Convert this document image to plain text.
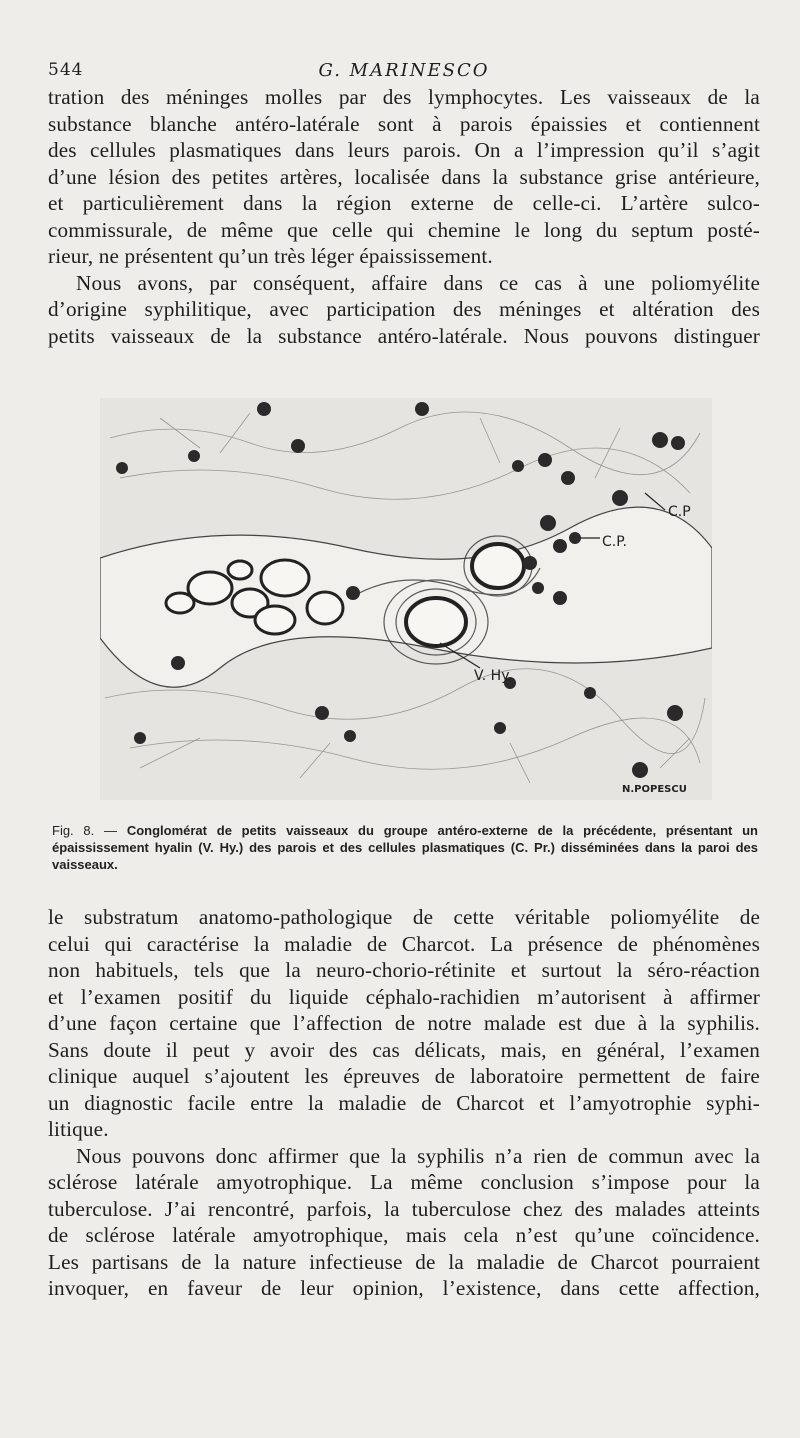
544	G. MARINESCO
tration des méninges molles par des lymphocytes. Les vaisseaux de la
substance blanche antéro-latérale sont à parois épaissies et contiennent
des cellules plasmatiques dans leurs parois. On a l’impression qu’il s’agit
d’une lésion des petites artères, localisée dans la substance grise antérieure,
et particulièrement dans la région externe de celle-ci. L’artère sulco-
commissurale, de même que celle qui chemine le long du septum posté-
rieur, ne présentent qu’un très léger épaississement.
Nous avons, par conséquent, affaire dans ce cas à une poliomyélite
d’origine syphilitique, avec participation des méninges et altération des
petits vaisseaux de la substance antéro-latérale. Nous pouvons distinguer
C.P
C.P.
V. Hy.
N.POPESCU
Fig. 8. — Conglomérat de petits vaisseaux du groupe antéro-externe de la précédente, présentant un épaississement hyalin (V. Hy.) des parois et des cellules plasmatiques (C. Pr.) disséminées dans la paroi des vaisseaux.
le substratum anatomo-pathologique de cette véritable poliomyélite de
celui qui caractérise la maladie de Charcot. La présence de phénomènes
non habituels, tels que la neuro-chorio-rétinite et surtout la séro-réaction
et l’examen positif du liquide céphalo-rachidien m’autorisent à affirmer
d’une façon certaine que l’affection de notre malade est due à la syphilis.
Sans doute il peut y avoir des cas délicats, mais, en général, l’examen
clinique auquel s’ajoutent les épreuves de laboratoire permettent de faire
un diagnostic facile entre la maladie de Charcot et l’amyotrophie syphi-
litique.
Nous pouvons donc affirmer que la syphilis n’a rien de commun avec la
sclérose latérale amyotrophique. La même conclusion s’impose pour la
tuberculose. J’ai rencontré, parfois, la tuberculose chez des malades atteints
de sclérose latérale amyotrophique, mais cela n’est qu’une coïncidence.
Les partisans de la nature infectieuse de la maladie de Charcot pourraient
invoquer, en faveur de leur opinion, l’existence, dans cette affection,
